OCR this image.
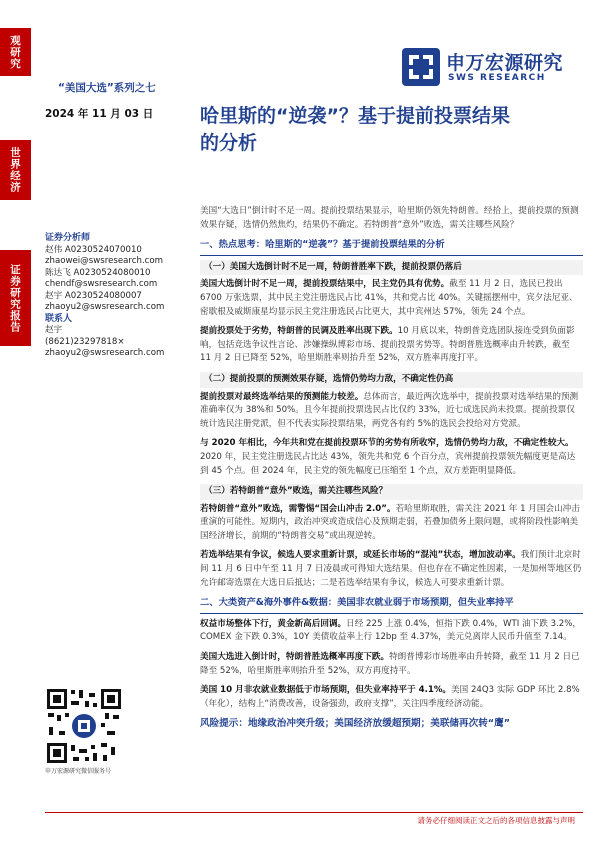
观研究
世界经济
证券研究报告
“美国大选”系列之七
2024 年 11 月 03 日
申万宏源研究
SWS RESEARCH
哈里斯的“逆袭”？基于提前投票结果
的分析
证券分析师
赵伟 A0230524070010
zhaowei@swsresearch.com
陈达飞 A0230524080010
chendf@swsresearch.com
赵宇 A0230524080007
zhaoyu2@swsresearch.com
联系人
赵宇
(8621)23297818×
zhaoyu2@swsresearch.com

美国“大选日”倒计时不足一周。提前投票结果显示，哈里斯仍领先特朗普。经拾上，提前投票的预测效果存疑，选情仍然焦灼，结果仍不确定。若特朗普“意外”败选，需关注哪些风险？

一、热点思考：哈里斯的“逆袭”？基于提前投票结果的分析

（一）美国大选倒计时不足一周，特朗普胜率下跌，提前投票仍落后

美国大选倒计时不足一周，提前投票结果中，民主党仍具有优势。截至 11 月 2 日，选民已投出 6700 万张选票，其中民主党注册选民占比 41%，共和党占比 40%。关键摇摆州中，宾夕法尼亚、密歇根及威斯康星均显示民主党注册选民占比更大，其中宾州达 57%，领先 24 个点。

提前投票处于劣势，特朗普的民调及胜率出现下跌。10 月底以来，特朗普竞选团队接连受到负面影响，包括竞选争议性言论、涉嫌操纵博彩市场、提前投票劣势等。特朗普胜选概率由升转跌，截至 11 月 2 日已降至 52%，哈里斯胜率则抬升至 52%，双方胜率再度打平。

（二）提前投票的预测效果存疑，选情仍势均力敌，不确定性仍高

提前投票对最终选举结果的预测能力较差。总体而言，最近两次选举中，提前投票对选举结果的预测准确率仅为 38%和 50%。且今年提前投票选民占比仅约 33%，近七成选民尚未投票。提前投票仅统计选民注册党派，但不代表实际投票结果，两党各有约 5%的选民会投给对方党派。

与 2020 年相比，今年共和党在提前投票环节的劣势有所收窄，选情仍势均力敌，不确定性较大。2020 年，民主党注册选民占比达 43%，领先共和党 6 个百分点，宾州提前投票领先幅度更是高达到 45 个点。但 2024 年，民主党的领先幅度已压缩至 1 个点，双方差距明显降低。

（三）若特朗普“意外”败选，需关注哪些风险？

若特朗普“意外”败选，需警惕“国会山冲击 2.0”。若哈里斯取胜，需关注 2021 年 1 月国会山冲击重演的可能性。短期内，政治冲突或造成信心及预期走弱，若叠加债务上限问题，或将阶段性影响美国经济增长，前期的“特朗普交易”或出现逆转。

若选举结果有争议，候选人要求重新计票，或延长市场的“混沌”状态，增加波动率。我们预计北京时间 11 月 6 日中午至 11 月 7 日凌晨或可得知大选结果。但也存在不确定性因素，一是加州等地区仍允许邮寄选票在大选日后抵达；二是若选举结果有争议，候选人可要求重新计票。

二、大类资产&海外事件&数据：美国非农就业弱于市场预期，但失业率持平

权益市场整体下行，黄金新高后回调。日经 225 上涨 0.4%，恒指下跌 0.4%，WTI 油下跌 3.2%，COMEX 金下跌 0.3%，10Y 美债收益率上行 12bp 至 4.37%，美元兑离岸人民币升值至 7.14。

美国大选进入倒计时，特朗普胜选概率再度下跌。特朗普博彩市场胜率由升转降，截至 11 月 2 日已降至 52%，哈里斯胜率则抬升至 52%，双方再度持平。

美国 10 月非农就业数据低于市场预期，但失业率持平于 4.1%。美国 24Q3 实际 GDP 环比 2.8%（年化），结构上“消费改善，设备强劲，政府支撑”，关注四季度经济动能。

风险提示：地缘政治冲突升级；美国经济放缓超预期；美联储再次转“鹰”

申万宏源研究微信服务号
请务必仔细阅读正文之后的各项信息披露与声明
